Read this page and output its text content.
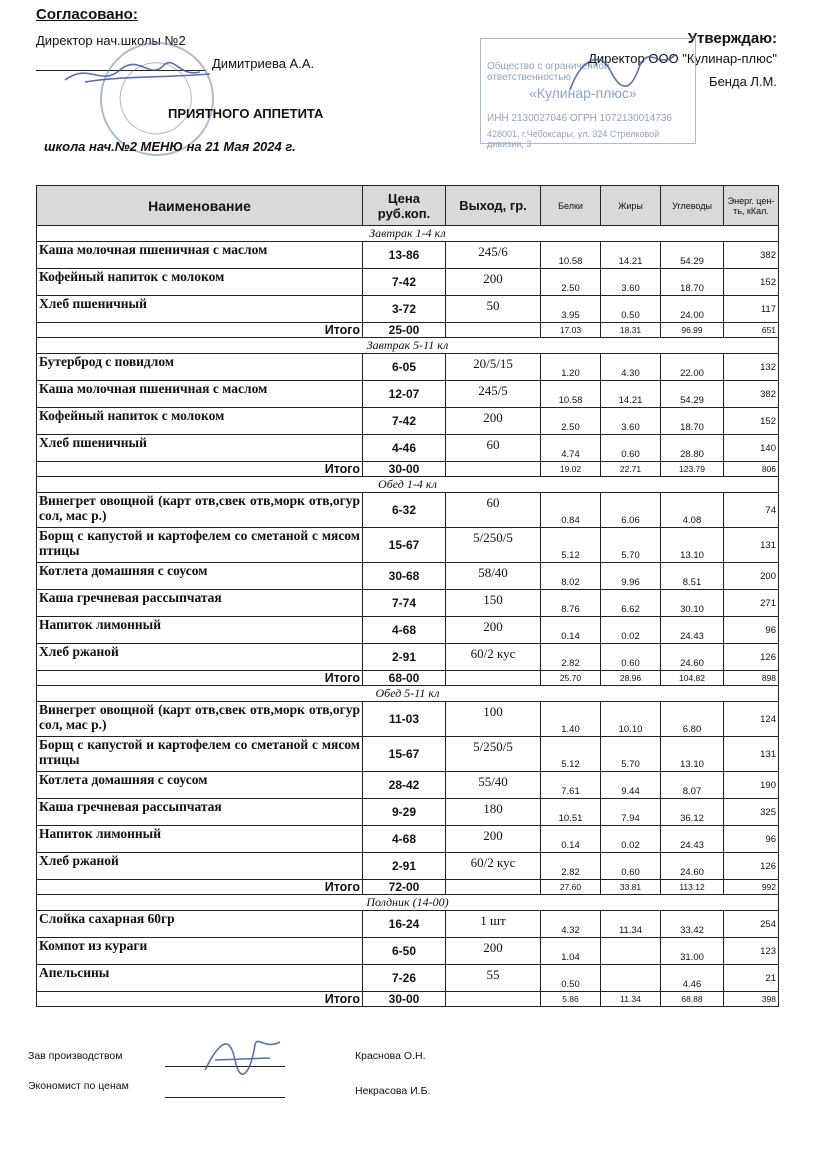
Согласовано:
Директор нач.школы №2
Димитриева А.А.
Утверждаю:
Директор ООО "Кулинар-плюс"
Бенда Л.М.
Общество с ограниченной ответственностью
«Кулинар-плюс»
ИНН 2130027046 ОГРН 1072130014736
428001, г.Чебоксары, ул. 324 Стрелковой дивизии, 3
ПРИЯТНОГО АППЕТИТА
школа нач.№2 МЕНЮ на 21 Мая 2024 г.
Наименование	Цена руб.коп.	Выход, гр.	Белки	Жиры	Углеводы	Энерг. цен-ть, кКал.
Завтрак 1-4 кл						
Каша молочная пшеничная с маслом	13-86	245/6	10.58	14.21	54.29	382
Кофейный напиток с молоком	7-42	200	2.50	3.60	18.70	152
Хлеб пшеничный	3-72	50	3.95	0.50	24.00	117
Итого	25-00		17.03	18.31	96.99	651
Завтрак 5-11 кл						
Бутерброд с повидлом	6-05	20/5/15	1.20	4.30	22.00	132
Каша молочная пшеничная с маслом	12-07	245/5	10.58	14.21	54.29	382
Кофейный напиток с молоком	7-42	200	2.50	3.60	18.70	152
Хлеб пшеничный	4-46	60	4.74	0.60	28.80	140
Итого	30-00		19.02	22.71	123.79	806
Обед 1-4 кл						
Винегрет овощной (карт отв,свек отв,морк отв,огур сол, мас р.)	6-32	60	0.84	6.06	4.08	74
Борщ с капустой и картофелем со сметаной с мясом птицы	15-67	5/250/5	5.12	5.70	13.10	131
Котлета домашняя с соусом	30-68	58/40	8.02	9.96	8.51	200
Каша гречневая рассыпчатая	7-74	150	8.76	6.62	30.10	271
Напиток лимонный	4-68	200	0.14	0.02	24.43	96
Хлеб ржаной	2-91	60/2 кус	2.82	0.60	24.60	126
Итого	68-00		25.70	28.96	104.82	898
Обед 5-11 кл						
Винегрет овощной (карт отв,свек отв,морк отв,огур сол, мас р.)	11-03	100	1.40	10.10	6.80	124
Борщ с капустой и картофелем со сметаной с мясом птицы	15-67	5/250/5	5.12	5.70	13.10	131
Котлета домашняя с соусом	28-42	55/40	7.61	9.44	8.07	190
Каша гречневая рассыпчатая	9-29	180	10.51	7.94	36.12	325
Напиток лимонный	4-68	200	0.14	0.02	24.43	96
Хлеб ржаной	2-91	60/2 кус	2.82	0.60	24.60	126
Итого	72-00		27.60	33.81	113.12	992
Полдник (14-00)						
Слойка сахарная 60гр	16-24	1 шт	4.32	11.34	33.42	254
Компот из кураги	6-50	200	1.04		31.00	123
Апельсины	7-26	55	0.50		4.46	21
Итого	30-00		5.86	11.34	68.88	398
Зав производством	Краснова О.Н.
Экономист по ценам	Некрасова И.Б.
